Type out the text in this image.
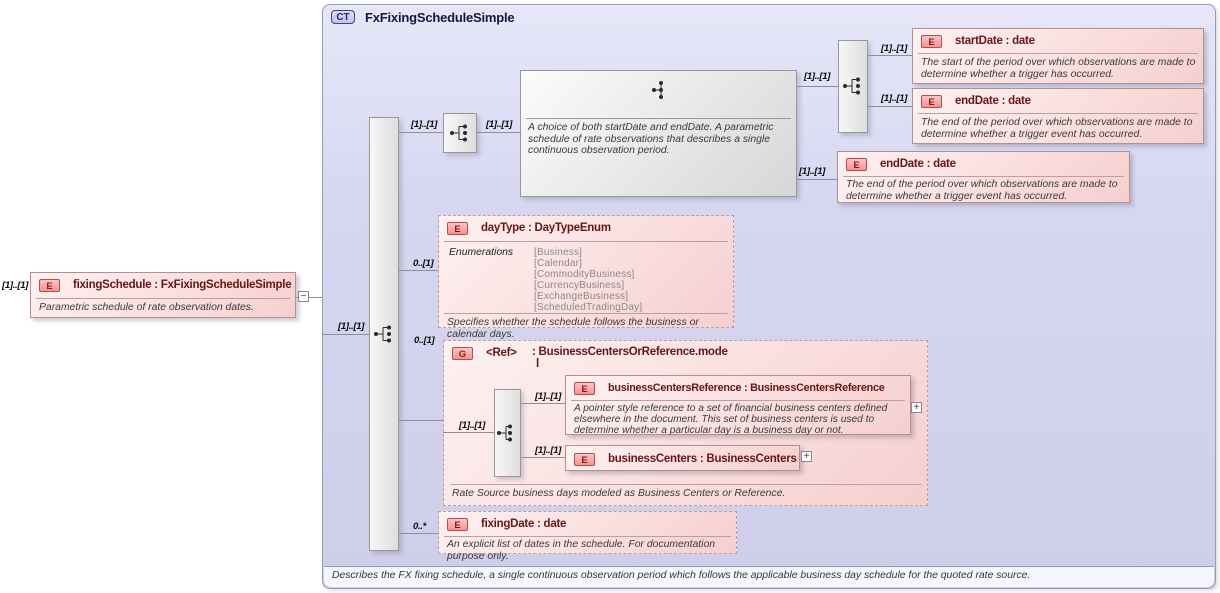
[1]..[1]	E	fixingSchedule : FxFixingScheduleSimple
Parametric schedule of rate observation dates.
−
CT	FxFixingScheduleSimple
Describes the FX fixing schedule, a single continuous observation period which follows the applicable business day schedule for the quoted rate source.
[1]..[1]
[1]..[1]	[1]..[1] A choice of both startDate and endDate. A parametric schedule of rate observations that describes a single continuous observation period.
[1]..[1]
[1]..[1]
E	startDate : date
The start of the period over which observations are made to determine whether a trigger has occurred.
[1]..[1]	E	endDate : date
The end of the period over which observations are made to determine whether a trigger event has occurred.
[1]..[1]
E	endDate : date
The end of the period over which observations are made to determine whether a trigger event has occurred.
0..[1]
E	dayType : DayTypeEnum
Enumerations [Business]
[Calendar]
[CommodityBusiness]
[CurrencyBusiness]
[ExchangeBusiness]
[ScheduledTradingDay]
Specifies whether the schedule follows the business or calendar days.
0..[1]
G	<Ref> : BusinessCentersOrReference.mode
l
Rate Source business days modeled as Business Centers or Reference.
[1]..[1]
[1]..[1]
E	businessCentersReference : BusinessCentersReference
A pointer style reference to a set of financial business centers defined elsewhere in the document. This set of business centers is used to determine whether a particular day is a business day or not.
+
[1]..[1]
E	businessCenters : BusinessCenters +
0..*	E	fixingDate : date
An explicit list of dates in the schedule. For documentation purpose only.
